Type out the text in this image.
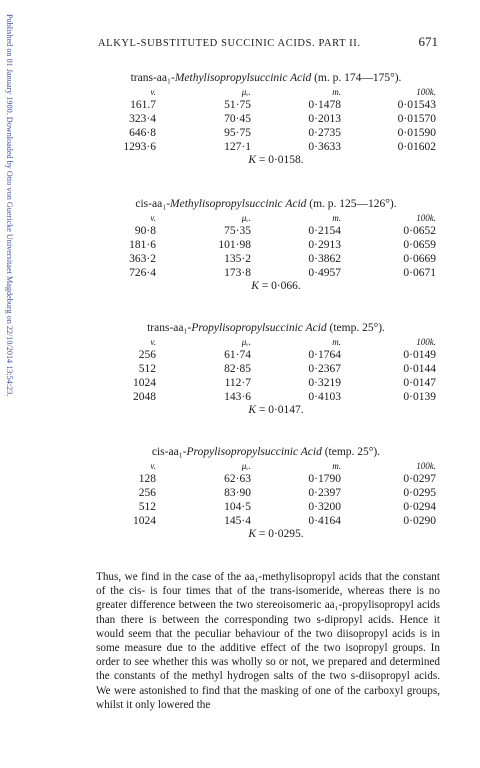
Published on 01 January 1900. Downloaded by Otto von Guericke Universitaet Magdeburg on 22/10/2014 13:54:23.	ALKYL-SUBSTITUTED SUCCINIC ACIDS. PART II.	671
trans-aa₁-Methylisopropylsuccinic Acid (m. p. 174—175°).
v.	μᵥ.	m.	100k.
161.7	51·75	0·1478	0·01543
323·4	70·45	0·2013	0·01570
646·8	95·75	0·2735	0·01590
1293·6	127·1	0·3633	0·01602
K = 0·0158.
cis-aa₁-Methylisopropylsuccinic Acid (m. p. 125—126°).
v.	μᵥ.	m.	100k.
90·8	75·35	0·2154	0·0652
181·6	101·98	0·2913	0·0659
363·2	135·2	0·3862	0·0669
726·4	173·8	0·4957	0·0671
K = 0·066.
trans-aa₁-Propylisopropylsuccinic Acid (temp. 25°).
v.	μᵥ.	m.	100k.
256	61·74	0·1764	0·0149
512	82·85	0·2367	0·0144
1024	112·7	0·3219	0·0147
2048	143·6	0·4103	0·0139
K = 0·0147.
cis-aa₁-Propylisopropylsuccinic Acid (temp. 25°).
v.	μᵥ.	m.	100k.
128	62·63	0·1790	0·0297
256	83·90	0·2397	0·0295
512	104·5	0·3200	0·0294
1024	145·4	0·4164	0·0290
K = 0·0295.
Thus, we find in the case of the aa₁-methylisopropyl acids that the constant of the cis- is four times that of the trans-isomeride, whereas there is no greater difference between the two stereoisomeric aa₁-propylisopropyl acids than there is between the corresponding two s-dipropyl acids. Hence it would seem that the peculiar behaviour of the two diisopropyl acids is in some measure due to the additive effect of the two isopropyl groups. In order to see whether this was wholly so or not, we prepared and determined the constants of the methyl hydrogen salts of the two s-diisopropyl acids. We were astonished to find that the masking of one of the carboxyl groups, whilst it only lowered the
